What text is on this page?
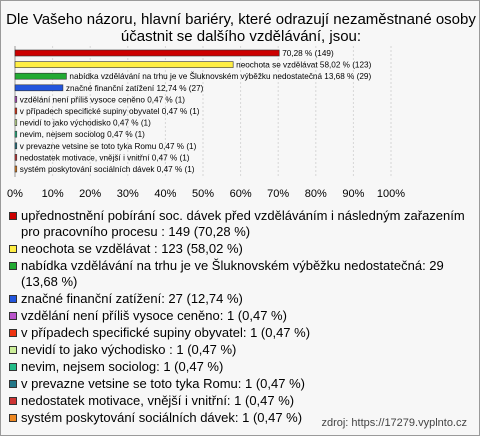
Dle Vašeho názoru, hlavní bariéry, které odrazují nezaměstnané osoby účastnit se dalšího vzdělávání, jsou:
70,28 % (149)
neochota se vzdělávat 58,02 % (123)
nabídka vzdělávání na trhu je ve Šluknovském výběžku nedostatečná 13,68 % (29)
značné finanční zatížení 12,74 % (27)
vzdělání není příliš vysoce ceněno 0,47 % (1)
v případech specifické supiny obyvatel 0,47 % (1)
nevidí to jako východisko 0,47 % (1)
nevim, nejsem sociolog 0,47 % (1)
v prevazne vetsine se toto tyka Romu 0,47 % (1)
nedostatek motivace, vnější i vnitřní 0,47 % (1)
systém poskytování sociálních dávek 0,47 % (1)
0% 10% 20% 30% 40% 50% 60% 70% 80% 90% 100%
upřednostnění pobírání soc. dávek před vzděláváním i následným zařazením pro pracovního procesu : 149 (70,28 %)
neochota se vzdělávat : 123 (58,02 %)
nabídka vzdělávání na trhu je ve Šluknovském výběžku nedostatečná: 29 (13,68 %)
značné finanční zatížení: 27 (12,74 %)
vzdělání není příliš vysoce ceněno: 1 (0,47 %)
v případech specifické supiny obyvatel: 1 (0,47 %)
nevidí to jako východisko : 1 (0,47 %)
nevim, nejsem sociolog: 1 (0,47 %)
v prevazne vetsine se toto tyka Romu: 1 (0,47 %)
nedostatek motivace, vnější i vnitřní: 1 (0,47 %)
systém poskytování sociálních dávek: 1 (0,47 %)	zdroj: https://17279.vyplnto.cz
